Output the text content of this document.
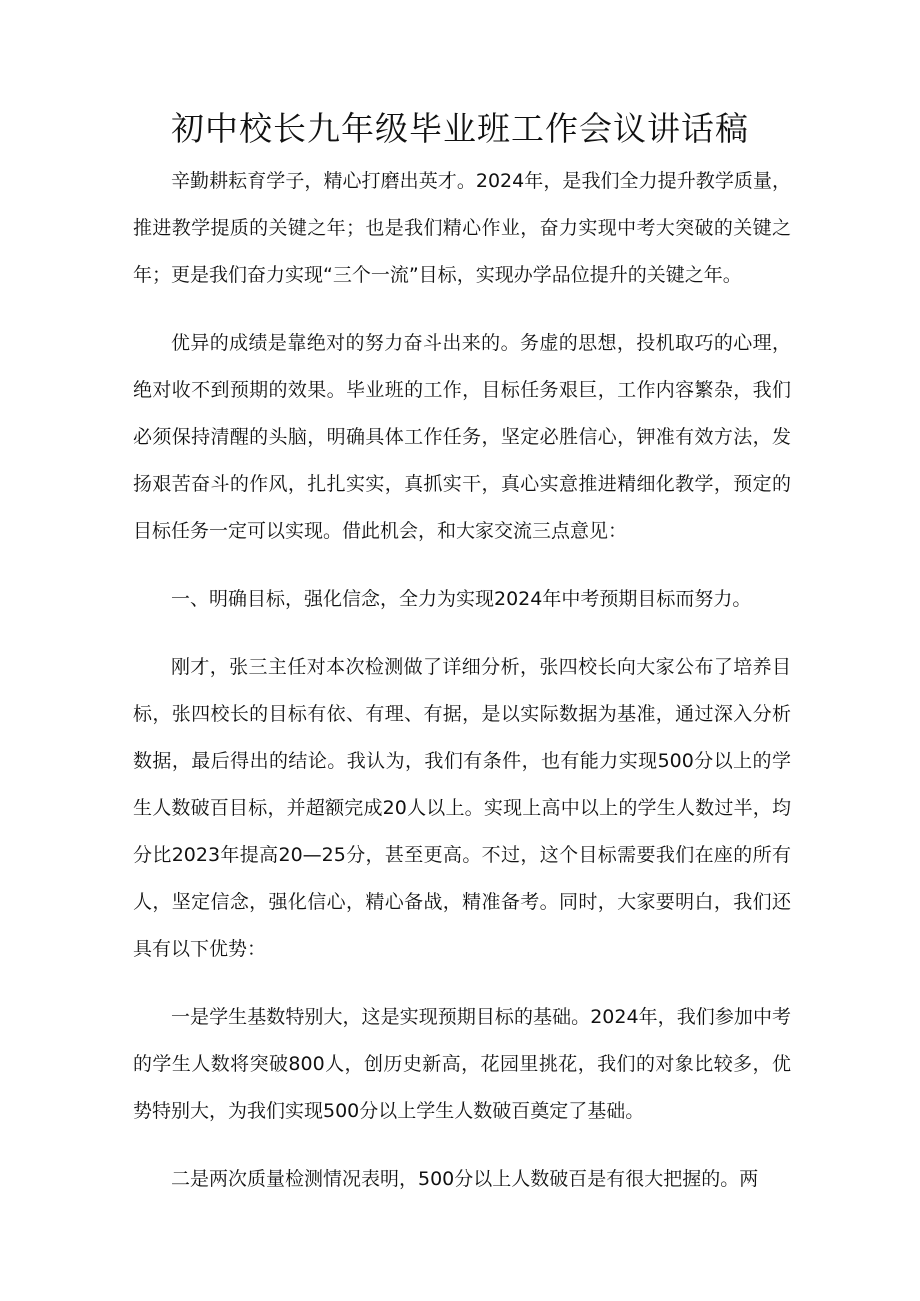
初中校长九年级毕业班工作会议讲话稿

辛勤耕耘育学子，精心打磨出英才。2024年，是我们全力提升教学质量，推进教学提质的关键之年；也是我们精心作业，奋力实现中考大突破的关键之年；更是我们奋力实现“三个一流”目标，实现办学品位提升的关键之年。

优异的成绩是靠绝对的努力奋斗出来的。务虚的思想，投机取巧的心理，绝对收不到预期的效果。毕业班的工作，目标任务艰巨，工作内容繁杂，我们必须保持清醒的头脑，明确具体工作任务，坚定必胜信心，钾准有效方法，发扬艰苦奋斗的作风，扎扎实实，真抓实干，真心实意推进精细化教学，预定的目标任务一定可以实现。借此机会，和大家交流三点意见：

一、明确目标，强化信念，全力为实现2024年中考预期目标而努力。

刚才，张三主任对本次检测做了详细分析，张四校长向大家公布了培养目标，张四校长的目标有依、有理、有据，是以实际数据为基准，通过深入分析数据，最后得出的结论。我认为，我们有条件，也有能力实现500分以上的学生人数破百目标，并超额完成20人以上。实现上高中以上的学生人数过半，均分比2023年提高20—25分，甚至更高。不过，这个目标需要我们在座的所有人，坚定信念，强化信心，精心备战，精准备考。同时，大家要明白，我们还具有以下优势：

一是学生基数特别大，这是实现预期目标的基础。2024年，我们参加中考的学生人数将突破800人，创历史新高，花园里挑花，我们的对象比较多，优势特别大，为我们实现500分以上学生人数破百奠定了基础。

二是两次质量检测情况表明，500分以上人数破百是有很大把握的。两
